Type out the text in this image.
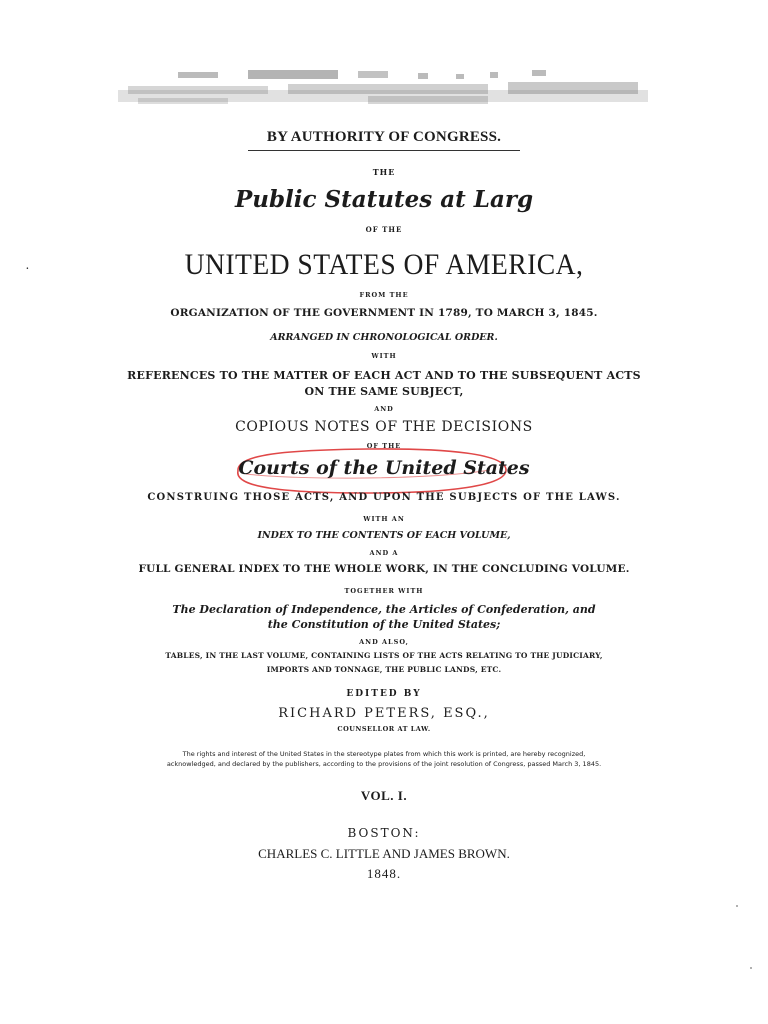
BY AUTHORITY OF CONGRESS.
THE
Public Statutes at Larg
OF THE
·	UNITED STATES OF AMERICA,
FROM THE
ORGANIZATION OF THE GOVERNMENT IN 1789, TO MARCH 3, 1845.
ARRANGED IN CHRONOLOGICAL ORDER.
WITH
REFERENCES TO THE MATTER OF EACH ACT AND TO THE SUBSEQUENT ACTS
ON THE SAME SUBJECT,
AND
COPIOUS NOTES OF THE DECISIONS
OF THE
Courts of the United States
CONSTRUING THOSE ACTS, AND UPON THE SUBJECTS OF THE LAWS.
WITH AN
INDEX TO THE CONTENTS OF EACH VOLUME,
AND A
FULL GENERAL INDEX TO THE WHOLE WORK, IN THE CONCLUDING VOLUME.
TOGETHER WITH
The Declaration of Independence, the Articles of Confederation, and
the Constitution of the United States;
AND ALSO,
TABLES, IN THE LAST VOLUME, CONTAINING LISTS OF THE ACTS RELATING TO THE JUDICIARY,
IMPORTS AND TONNAGE, THE PUBLIC LANDS, ETC.
EDITED BY
RICHARD PETERS, ESQ.,
COUNSELLOR AT LAW.
The rights and interest of the United States in the stereotype plates from which this work is printed, are hereby recognized,
acknowledged, and declared by the publishers, according to the provisions of the joint resolution of Congress, passed March 3, 1845.
VOL. I.
BOSTON:
CHARLES C. LITTLE AND JAMES BROWN.
1848.
